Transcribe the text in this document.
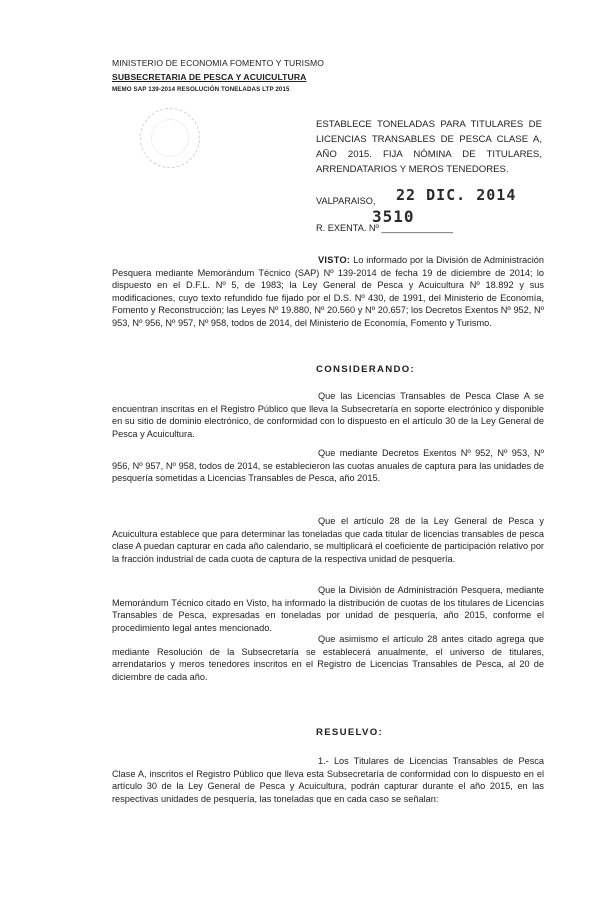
MINISTERIO DE ECONOMIA FOMENTO Y TURISMO
SUBSECRETARIA DE PESCA Y ACUICULTURA
MEMO SAP 139-2014 RESOLUCIÓN TONELADAS LTP 2015
ESTABLECE TONELADAS PARA TITULARES DE LICENCIAS TRANSABLES DE PESCA CLASE A, AÑO 2015. FIJA NÓMINA DE TITULARES, ARRENDATARIOS Y MEROS TENEDORES.
VALPARAISO, 22 DIC. 2014
3510
R. EXENTA. Nº ______________
VISTO: Lo informado por la División de Administración Pesquera mediante Memorándum Técnico (SAP) Nº 139-2014 de fecha 19 de diciembre de 2014; lo dispuesto en el D.F.L. Nº 5, de 1983; la Ley General de Pesca y Acuicultura Nº 18.892 y sus modificaciones, cuyo texto refundido fue fijado por el D.S. Nº 430, de 1991, del Ministerio de Economía, Fomento y Reconstrucción; las Leyes Nº 19.880, Nº 20.560 y Nº 20.657; los Decretos Exentos Nº 952, Nº 953, Nº 956, Nº 957, Nº 958, todos de 2014, del Ministerio de Economía, Fomento y Turismo.
CONSIDERANDO:
Que las Licencias Transables de Pesca Clase A se encuentran inscritas en el Registro Público que lleva la Subsecretaría en soporte electrónico y disponible en su sitio de dominio electrónico, de conformidad con lo dispuesto en el artículo 30 de la Ley General de Pesca y Acuicultura.
Que mediante Decretos Exentos Nº 952, Nº 953, Nº 956, Nº 957, Nº 958, todos de 2014, se establecieron las cuotas anuales de captura para las unidades de pesquería sometidas a Licencias Transables de Pesca, año 2015.
Que el artículo 28 de la Ley General de Pesca y Acuicultura establece que para determinar las toneladas que cada titular de licencias transables de pesca clase A puedan capturar en cada año calendario, se multiplicará el coeficiente de participación relativo por la fracción industrial de cada cuota de captura de la respectiva unidad de pesquería.
Que la División de Administración Pesquera, mediante Memorándum Técnico citado en Visto, ha informado la distribución de cuotas de los titulares de Licencias Transables de Pesca, expresadas en toneladas por unidad de pesquería, año 2015, conforme el procedimiento legal antes mencionado.
Que asimismo el artículo 28 antes citado agrega que mediante Resolución de la Subsecretaría se establecerá anualmente, el universo de titulares, arrendatarios y meros tenedores inscritos en el Registro de Licencias Transables de Pesca, al 20 de diciembre de cada año.
RESUELVO:
1.- Los Titulares de Licencias Transables de Pesca Clase A, inscritos el Registro Público que lleva esta Subsecretaría de conformidad con lo dispuesto en el artículo 30 de la Ley General de Pesca y Acuicultura, podrán capturar durante el año 2015, en las respectivas unidades de pesquería, las toneladas que en cada caso se señalan:
